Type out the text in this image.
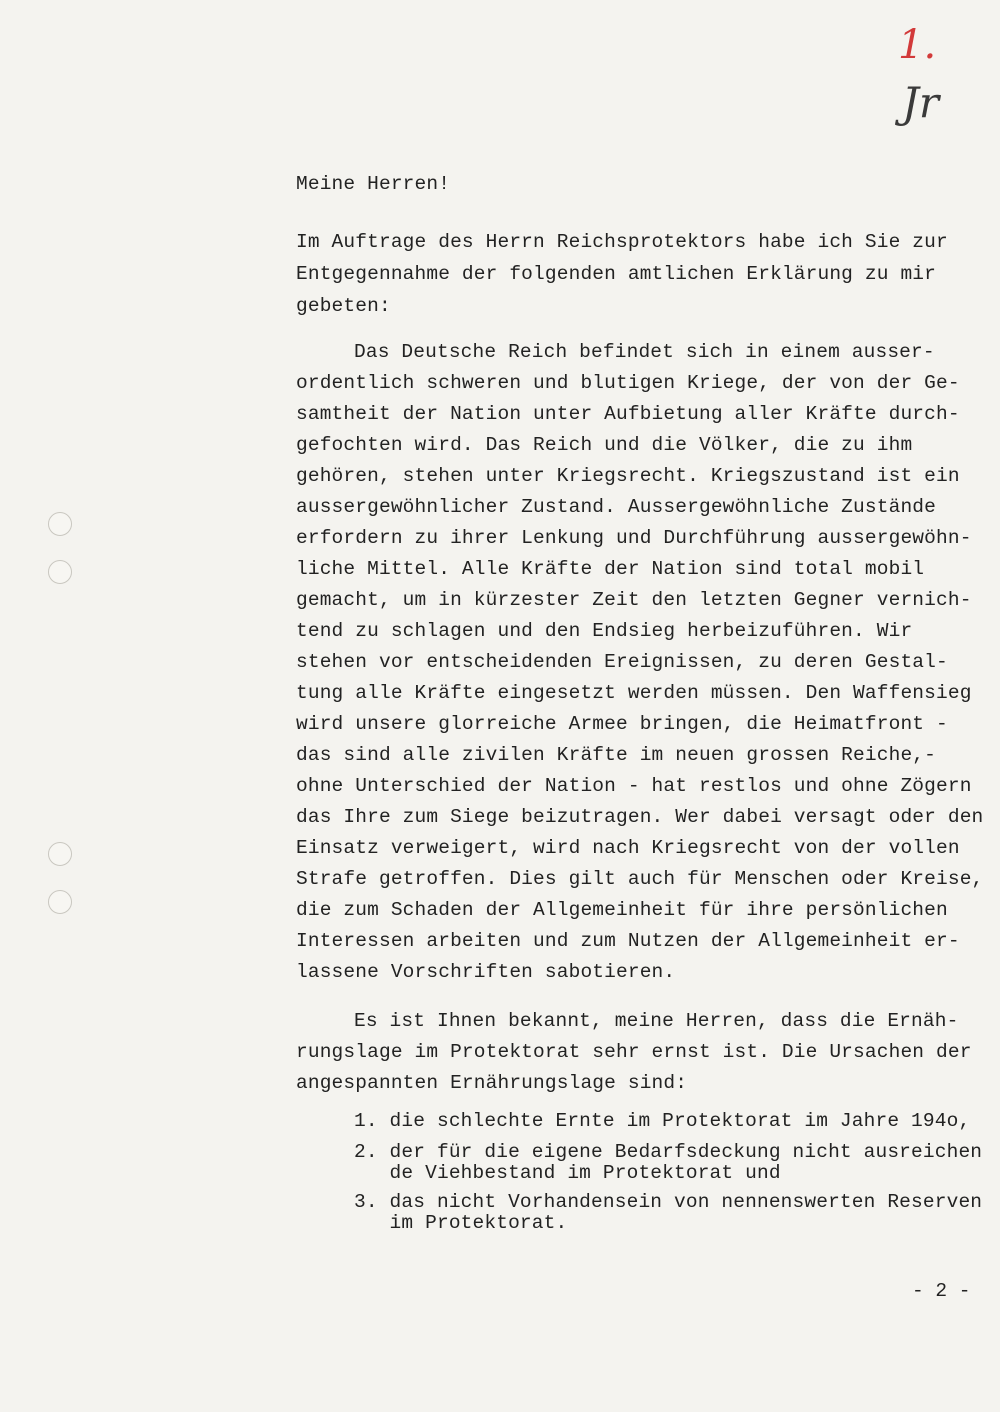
1.
Jr
Meine Herren!
Im Auftrage des Herrn Reichsprotektors habe ich Sie zur
Entgegennahme der folgenden amtlichen Erklärung zu mir
gebeten:
Das Deutsche Reich befindet sich in einem ausser-
ordentlich schweren und blutigen Kriege, der von der Ge-
samtheit der Nation unter Aufbietung aller Kräfte durch-
gefochten wird. Das Reich und die Völker, die zu ihm
gehören, stehen unter Kriegsrecht. Kriegszustand ist ein
aussergewöhnlicher Zustand. Aussergewöhnliche Zustände
erfordern zu ihrer Lenkung und Durchführung aussergewöhn-
liche Mittel. Alle Kräfte der Nation sind total mobil
gemacht, um in kürzester Zeit den letzten Gegner vernich-
tend zu schlagen und den Endsieg herbeizuführen. Wir
stehen vor entscheidenden Ereignissen, zu deren Gestal-
tung alle Kräfte eingesetzt werden müssen. Den Waffensieg
wird unsere glorreiche Armee bringen, die Heimatfront -
das sind alle zivilen Kräfte im neuen grossen Reiche,-
ohne Unterschied der Nation - hat restlos und ohne Zögern
das Ihre zum Siege beizutragen. Wer dabei versagt oder den
Einsatz verweigert, wird nach Kriegsrecht von der vollen
Strafe getroffen. Dies gilt auch für Menschen oder Kreise,
die zum Schaden der Allgemeinheit für ihre persönlichen
Interessen arbeiten und zum Nutzen der Allgemeinheit er-
lassene Vorschriften sabotieren.
Es ist Ihnen bekannt, meine Herren, dass die Ernäh-
rungslage im Protektorat sehr ernst ist. Die Ursachen der
angespannten Ernährungslage sind:
1. die schlechte Ernte im Protektorat im Jahre 194o,
2. der für die eigene Bedarfsdeckung nicht ausreichen
de Viehbestand im Protektorat und
3. das nicht Vorhandensein von nennenswerten Reserven
im Protektorat.
- 2 -
